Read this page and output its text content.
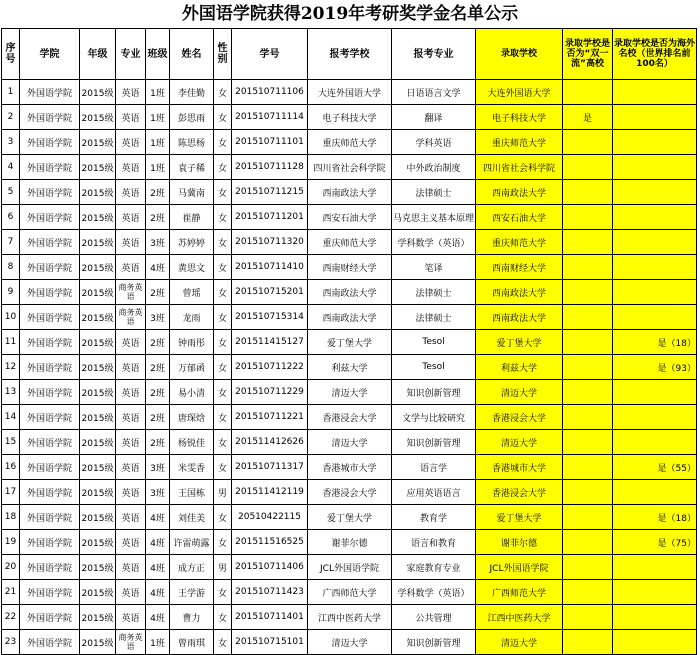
外国语学院获得2019年考研奖学金名单公示
序号	学院	年级	专业	班级	姓名	性别	学号	报考学校	报考专业	录取学校	录取学校是否为“双一流”高校	录取学校是否为海外名校（世界排名前100名）
1	外国语学院	2015级	英语	1班	李佳勤	女	201510711106	大连外国语大学	日语语言文学	大连外国语大学		
2	外国语学院	2015级	英语	1班	彭思雨	女	201510711114	电子科技大学	翻译	电子科技大学	是	
3	外国语学院	2015级	英语	1班	陈思杨	女	201510711101	重庆师范大学	学科英语	重庆师范大学		
4	外国语学院	2015级	英语	1班	袁子稀	女	201510711128	四川省社会科学院	中外政治制度	四川省社会科学院		
5	外国语学院	2015级	英语	2班	马冀南	女	201510711215	西南政法大学	法律硕士	西南政法大学		
6	外国语学院	2015级	英语	2班	崔静	女	201510711201	西安石油大学	马克思主义基本原理	西安石油大学		
7	外国语学院	2015级	英语	3班	苏婷婷	女	201510711320	重庆师范大学	学科数学（英语）	重庆师范大学		
8	外国语学院	2015级	英语	4班	黄思文	女	201510711410	西南财经大学	笔译	西南财经大学		
9	外国语学院	2015级	商务英语	2班	曾瑶	女	201510715201	西南政法大学	法律硕士	西南政法大学		
10	外国语学院	2015级	商务英语	3班	龙雨	女	201510715314	西南政法大学	法律硕士	西南政法大学		
11	外国语学院	2015级	英语	2班	钟雨彤	女	201511415127	爱丁堡大学	Tesol	爱丁堡大学		是（18）
12	外国语学院	2015级	英语	2班	万郁函	女	201510711222	利兹大学	Tesol	利兹大学		是（93）
13	外国语学院	2015级	英语	2班	易小清	女	201510711229	清迈大学	知识创新管理	清迈大学		
14	外国语学院	2015级	英语	2班	唐琛焓	女	201510711221	香港浸会大学	文学与比较研究	香港浸会大学		
15	外国语学院	2015级	英语	2班	杨锐佳	女	201511412626	清迈大学	知识创新管理	清迈大学		
16	外国语学院	2015级	英语	3班	米雯香	女	201510711317	香港城市大学	语言学	香港城市大学		是（55）
17	外国语学院	2015级	英语	3班	王国栋	男	201511412119	香港浸会大学	应用英语语言	香港浸会大学		
18	外国语学院	2015级	英语	4班	刘佳美	女	20510422115	爱丁堡大学	教育学	爱丁堡大学		是（18）
19	外国语学院	2015级	英语	4班	许雷萌露	女	201511516525	谢菲尔德	语言和教育	谢菲尔德		是（75）
20	外国语学院	2015级	英语	4班	成方正	男	201510711406	JCL外国语学院	家庭教育专业	JCL外国语学院		
21	外国语学院	2015级	英语	4班	王学游	女	201510711423	广西师范大学	学科数学（英语）	广西师范大学		
22	外国语学院	2015级	英语	4班	曹力	女	201510711401	江西中医药大学	公共管理	江西中医药大学		
23	外国语学院	2015级	商务英语	1班	曾雨琪	女	201510715101	清迈大学	知识创新管理	清迈大学		
